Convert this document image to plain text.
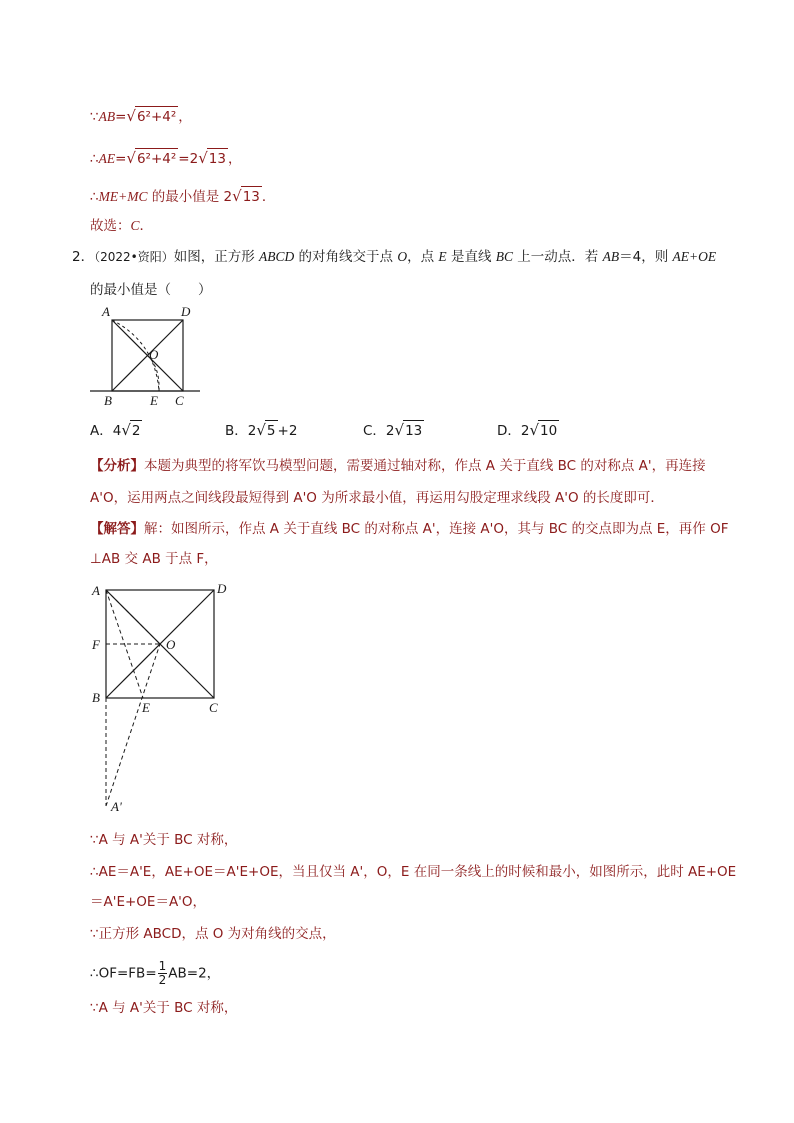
∵AB=√6²+4² ，
∴AE=√6²+4² =2√13 ，
∴ME+MC 的最小值是 2√13 ．
故选：C．
2．（2022•资阳）如图，正方形 ABCD 的对角线交于点 O，点 E 是直线 BC 上一动点．若 AB＝4，则 AE+OE
的最小值是（　　）
A	D
O
B	E C
A．4√2	B．2√5 +2	C．2√13	D．2√10
【分析】本题为典型的将军饮马模型问题，需要通过轴对称，作点 A 关于直线 BC 的对称点 A'，再连接
A'O，运用两点之间线段最短得到 A'O 为所求最小值，再运用勾股定理求线段 A'O 的长度即可．
【解答】解：如图所示，作点 A 关于直线 BC 的对称点 A'，连接 A'O，其与 BC 的交点即为点 E，再作 OF
⊥AB 交 AB 于点 F，
A	D
F	O
B
E	C
A'
∵A 与 A'关于 BC 对称，
∴AE＝A'E，AE+OE＝A'E+OE，当且仅当 A'，O，E 在同一条线上的时候和最小，如图所示，此时 AE+OE
＝A'E+OE＝A'O，
∵正方形 ABCD，点 O 为对角线的交点，
∴OF=FB= $\frac{1}{2} AB=2$，
∵A 与 A'关于 BC 对称，
